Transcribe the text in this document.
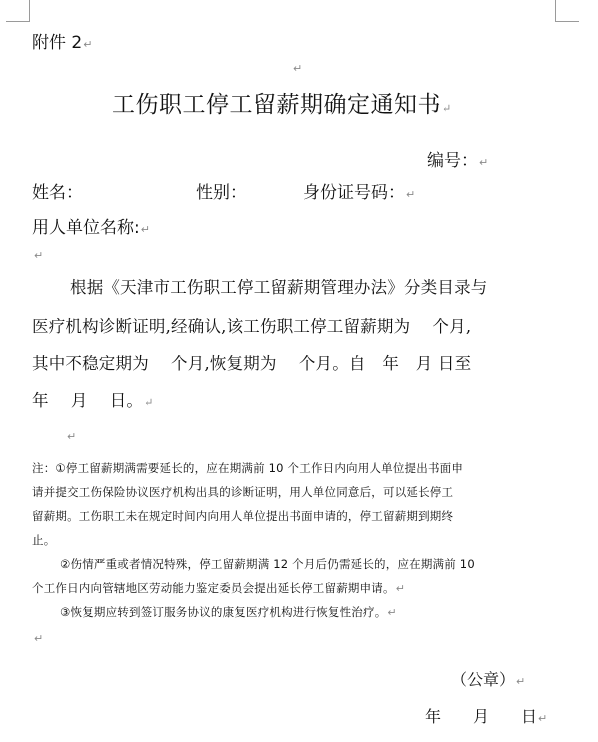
附件 2↵
↵
工伤职工停工留薪期确定通知书↵
编号：↵
姓名：	性别：	身份证号码：↵
用人单位名称:↵
↵
根据《天津市工伤职工停工留薪期管理办法》分类目录与
医疗机构诊断证明,经确认,该工伤职工停工留薪期为　 个月,
其中不稳定期为　 个月,恢复期为　 个月。自　年　月 日至
年　 月　 日。↵
↵
注：①停工留薪期满需要延长的，应在期满前 10 个工作日内向用人单位提出书面申
请并提交工伤保险协议医疗机构出具的诊断证明，用人单位同意后，可以延长停工
留薪期。工伤职工未在规定时间内向用人单位提出书面申请的，停工留薪期到期终
止。
②伤情严重或者情况特殊，停工留薪期满 12 个月后仍需延长的，应在期满前 10
个工作日内向管辖地区劳动能力鉴定委员会提出延长停工留薪期申请。↵
③恢复期应转到签订服务协议的康复医疗机构进行恢复性治疗。↵
↵
（公章）↵
年　　月　　日↵
